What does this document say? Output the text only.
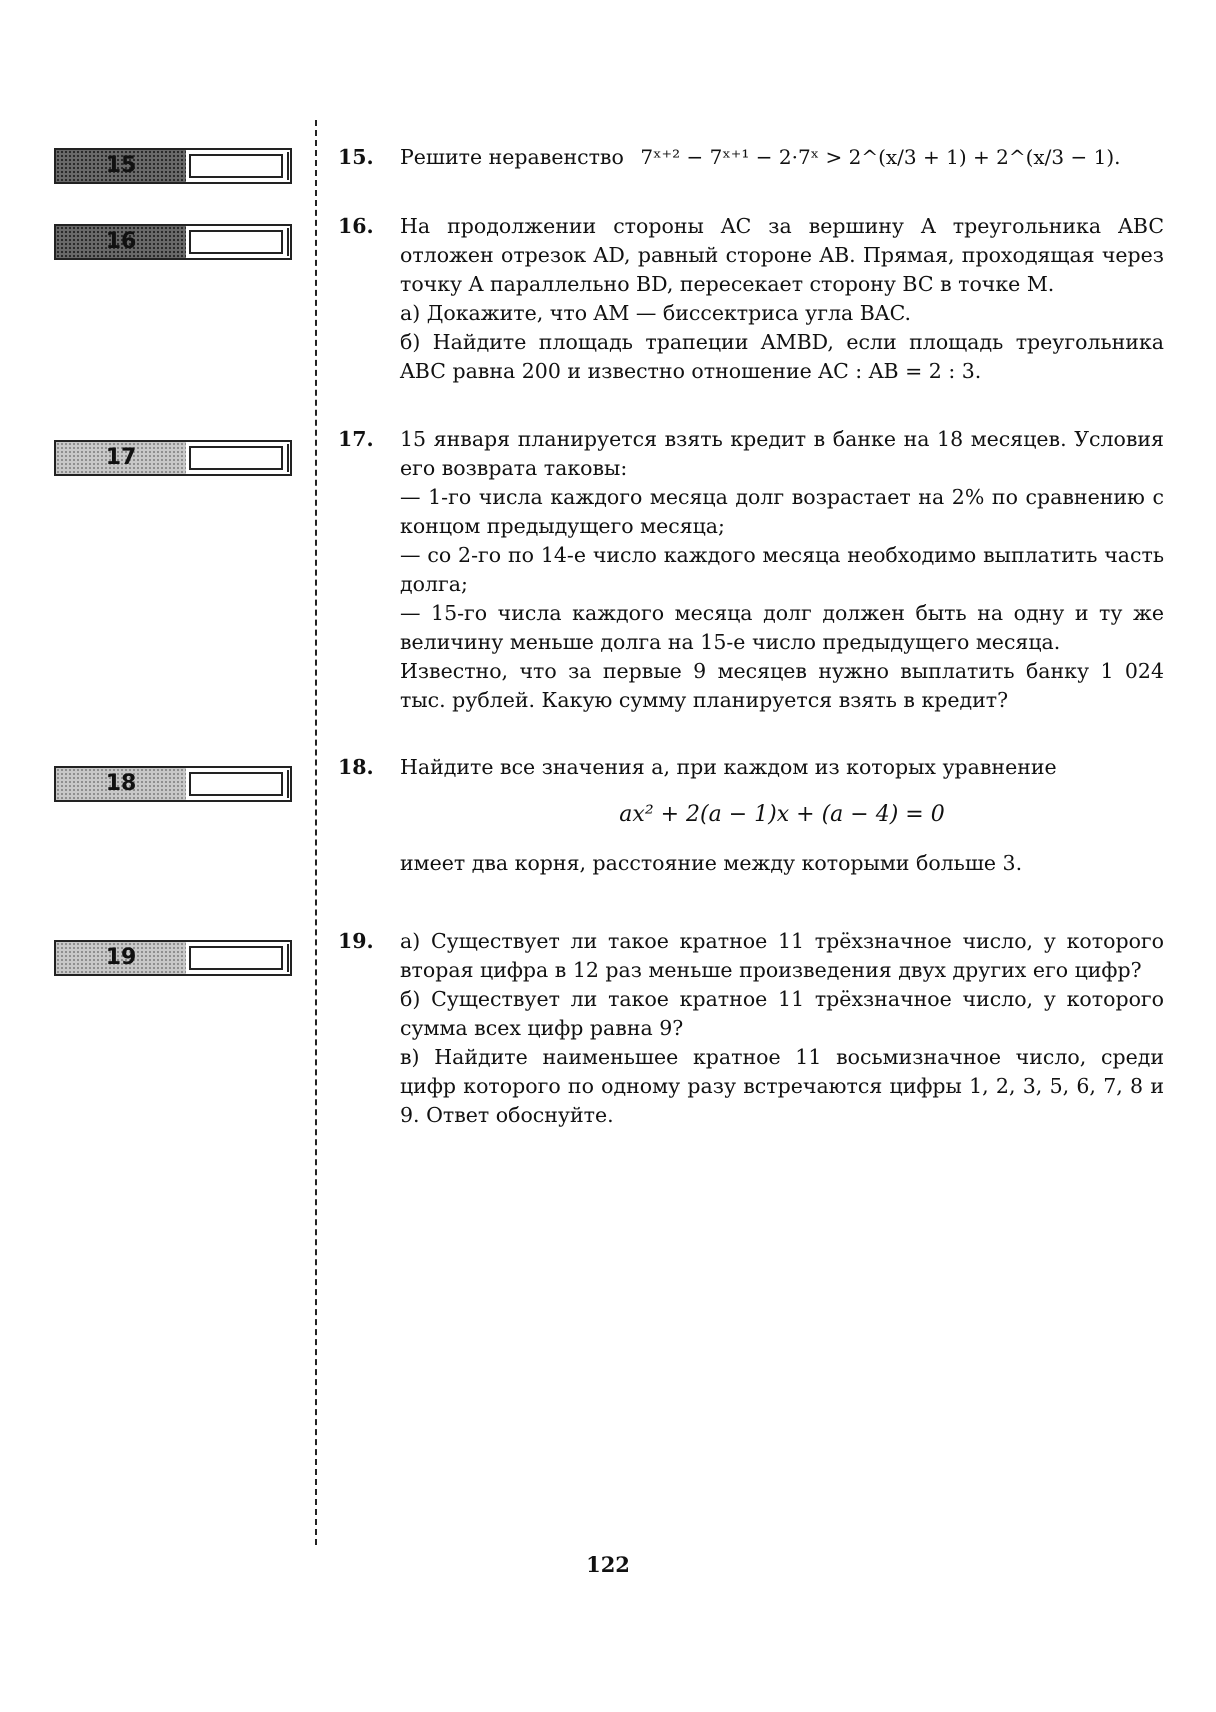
15
16
17
18
19
15.	Решите неравенство 7ˣ⁺² − 7ˣ⁺¹ − 2·7ˣ > 2^(x/3 + 1) + 2^(x/3 − 1).
16.	На продолжении стороны AC за вершину A треугольника ABC отложен отрезок AD, равный стороне AB. Прямая, проходящая через точку A параллельно BD, пересекает сторону BC в точке M.

а) Докажите, что AM — биссектриса угла BAC.

б) Найдите площадь трапеции AMBD, если площадь треугольника ABC равна 200 и известно отношение AC : AB = 2 : 3.

17.	15 января планируется взять кредит в банке на 18 месяцев. Условия его возврата таковы:

— 1-го числа каждого месяца долг возрастает на 2% по сравнению с концом предыдущего месяца;

— со 2-го по 14-е число каждого месяца необходимо выплатить часть долга;

— 15-го числа каждого месяца долг должен быть на одну и ту же величину меньше долга на 15-е число предыдущего месяца.

Известно, что за первые 9 месяцев нужно выплатить банку 1 024 тыс. рублей. Какую сумму планируется взять в кредит?

18.	Найдите все значения a, при каждом из которых уравнение

ax² + 2(a − 1)x + (a − 4) = 0

имеет два корня, расстояние между которыми больше 3.

19.	а) Существует ли такое кратное 11 трёхзначное число, у которого вторая цифра в 12 раз меньше произведения двух других его цифр?

б) Существует ли такое кратное 11 трёхзначное число, у которого сумма всех цифр равна 9?

в) Найдите наименьшее кратное 11 восьмизначное число, среди цифр которого по одному разу встречаются цифры 1, 2, 3, 5, 6, 7, 8 и 9. Ответ обоснуйте.

122
